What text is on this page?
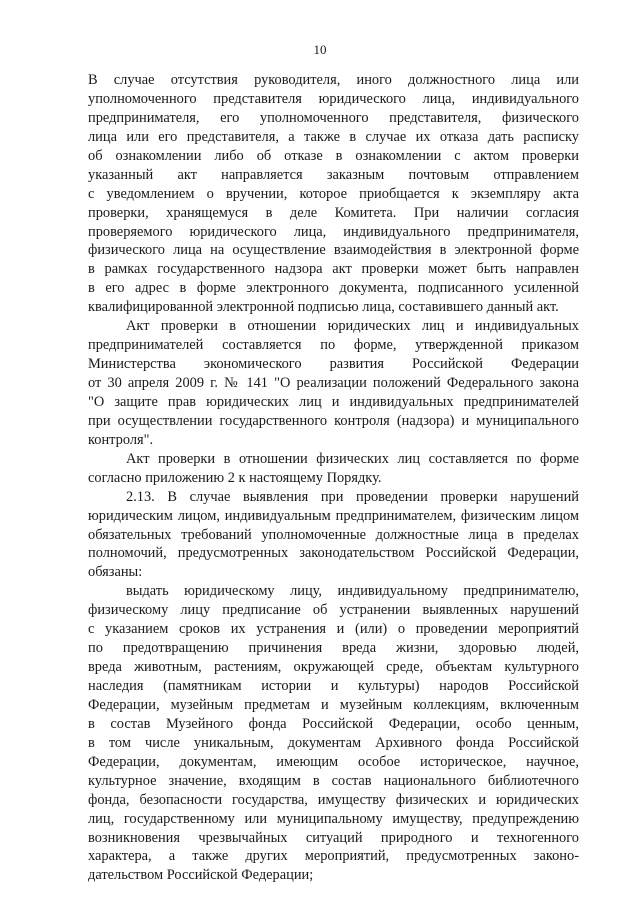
10
В случае отсутствия руководителя, иного должностного лица или
уполномоченного представителя юридического лица, индивидуального
предпринимателя, его уполномоченного представителя, физического
лица или его представителя, а также в случае их отказа дать расписку
об ознакомлении либо об отказе в ознакомлении с актом проверки
указанный акт направляется заказным почтовым отправлением
с уведомлением о вручении, которое приобщается к экземпляру акта
проверки, хранящемуся в деле Комитета. При наличии согласия
проверяемого юридического лица, индивидуального предпринимателя,
физического лица на осуществление взаимодействия в электронной форме
в рамках государственного надзора акт проверки может быть направлен
в его адрес в форме электронного документа, подписанного усиленной
квалифицированной электронной подписью лица, составившего данный акт.
Акт проверки в отношении юридических лиц и индивидуальных
предпринимателей составляется по форме, утвержденной приказом
Министерства экономического развития Российской Федерации
от 30 апреля 2009 г. № 141 "О реализации положений Федерального закона
"О защите прав юридических лиц и индивидуальных предпринимателей
при осуществлении государственного контроля (надзора) и муниципального
контроля".
Акт проверки в отношении физических лиц составляется по форме
согласно приложению 2 к настоящему Порядку.
2.13. В случае выявления при проведении проверки нарушений
юридическим лицом, индивидуальным предпринимателем, физическим лицом
обязательных требований уполномоченные должностные лица в пределах
полномочий, предусмотренных законодательством Российской Федерации,
обязаны:
выдать юридическому лицу, индивидуальному предпринимателю,
физическому лицу предписание об устранении выявленных нарушений
с указанием сроков их устранения и (или) о проведении мероприятий
по предотвращению причинения вреда жизни, здоровью людей,
вреда животным, растениям, окружающей среде, объектам культурного
наследия (памятникам истории и культуры) народов Российской
Федерации, музейным предметам и музейным коллекциям, включенным
в состав Музейного фонда Российской Федерации, особо ценным,
в том числе уникальным, документам Архивного фонда Российской
Федерации, документам, имеющим особое историческое, научное,
культурное значение, входящим в состав национального библиотечного
фонда, безопасности государства, имуществу физических и юридических
лиц, государственному или муниципальному имуществу, предупреждению
возникновения чрезвычайных ситуаций природного и техногенного
характера, а также других мероприятий, предусмотренных законо-
дательством Российской Федерации;
